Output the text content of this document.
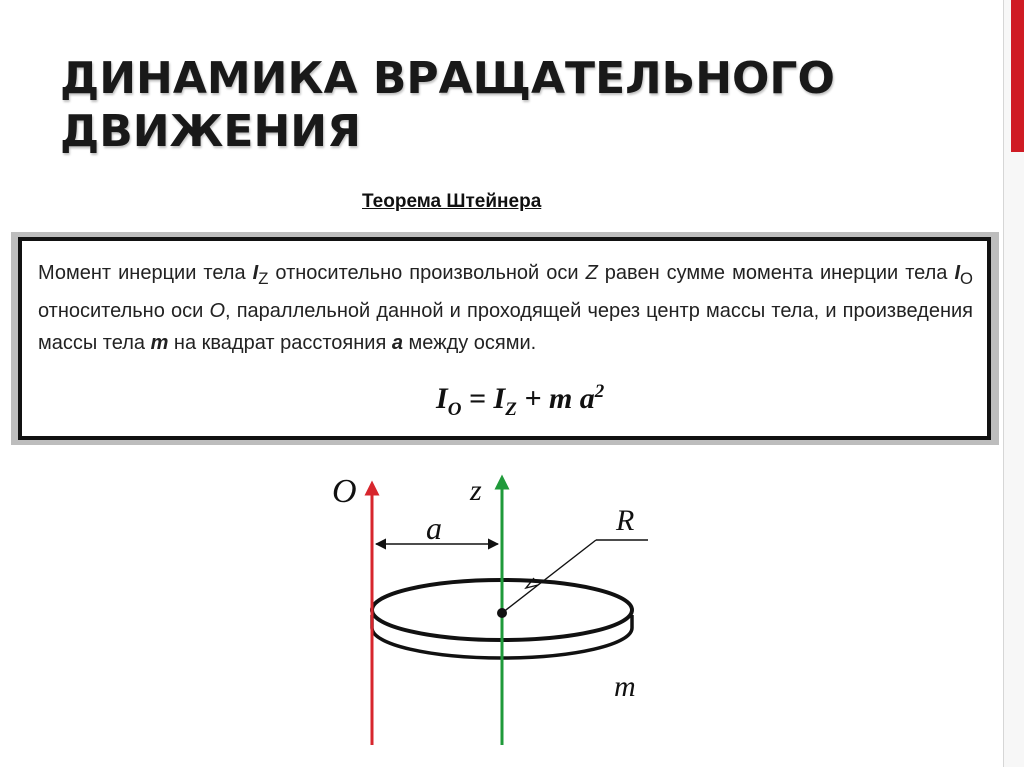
ДИНАМИКА ВРАЩАТЕЛЬНОГО
ДВИЖЕНИЯ
Теорема Штейнера

Момент инерции тела $I_Z$ относительно произвольной оси Z равен сумме момента инерции тела $I_O$ относительно оси O, параллельной данной и проходящей через центр массы тела, и произведения массы тела m на квадрат расстояния a между осями.

$I_O = I_Z + m$ $a^2$
O	z
a	R
m
